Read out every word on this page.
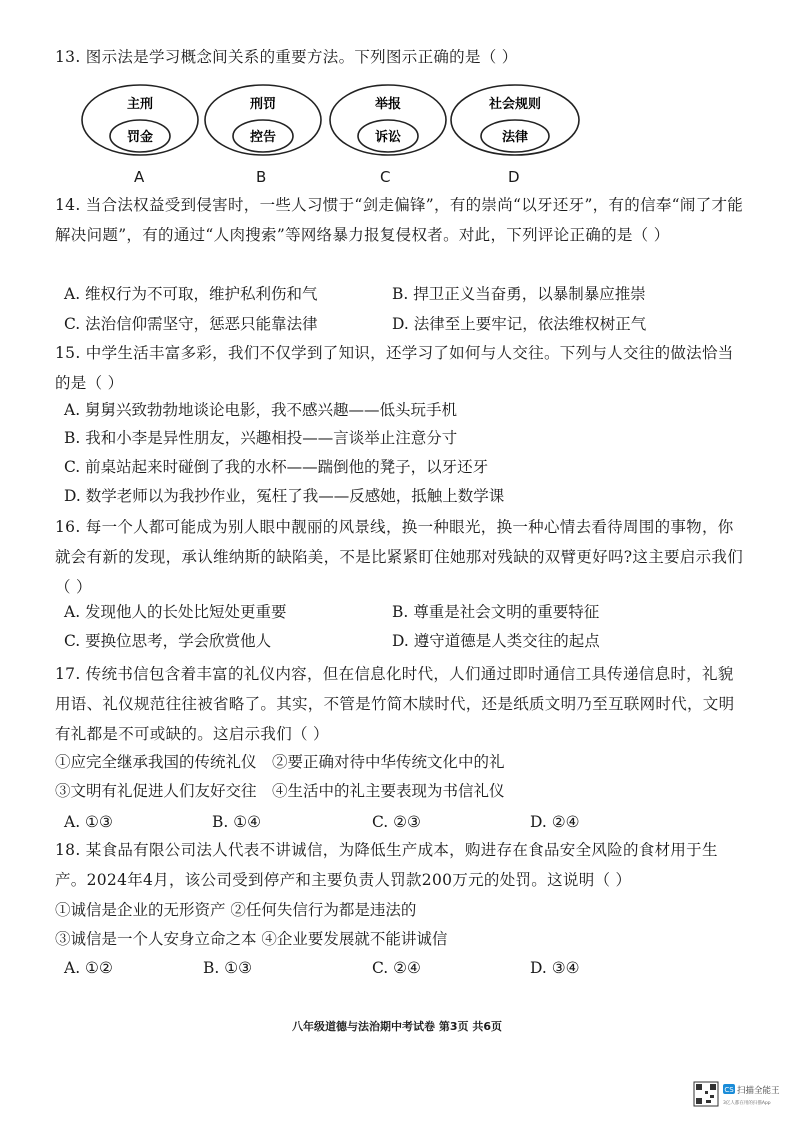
13. 图示法是学习概念间关系的重要方法。下列图示正确的是（ ）
主刑
罚金
刑罚
控告
举报
诉讼
社会规则
法律
A	B	C	D
14. 当合法权益受到侵害时，一些人习惯于“剑走偏锋”，有的崇尚“以牙还牙”，有的信奉“闹了才能解决问题”，有的通过“人肉搜索”等网络暴力报复侵权者。对此，下列评论正确的是（ ）
A. 维权行为不可取，维护私利伤和气	B. 捍卫正义当奋勇，以暴制暴应推崇
C. 法治信仰需坚守，惩恶只能靠法律	D. 法律至上要牢记，依法维权树正气
15. 中学生活丰富多彩，我们不仅学到了知识，还学习了如何与人交往。下列与人交往的做法恰当的是（ ）
A. 舅舅兴致勃勃地谈论电影，我不感兴趣——低头玩手机
B. 我和小李是异性朋友，兴趣相投——言谈举止注意分寸
C. 前桌站起来时碰倒了我的水杯——踹倒他的凳子，以牙还牙
D. 数学老师以为我抄作业，冤枉了我——反感她，抵触上数学课
16. 每一个人都可能成为别人眼中靓丽的风景线，换一种眼光，换一种心情去看待周围的事物，你就会有新的发现，承认维纳斯的缺陷美，不是比紧紧盯住她那对残缺的双臂更好吗?这主要启示我们（ ）
A. 发现他人的长处比短处更重要	B. 尊重是社会文明的重要特征
C. 要换位思考，学会欣赏他人	D. 遵守道德是人类交往的起点
17. 传统书信包含着丰富的礼仪内容，但在信息化时代，人们通过即时通信工具传递信息时，礼貌用语、礼仪规范往往被省略了。其实，不管是竹简木牍时代，还是纸质文明乃至互联网时代，文明有礼都是不可或缺的。这启示我们（ ）
①应完全继承我国的传统礼仪 ②要正确对待中华传统文化中的礼
③文明有礼促进人们友好交往 ④生活中的礼主要表现为书信礼仪
A. ①③	B. ①④	C. ②③	D. ②④
18. 某食品有限公司法人代表不讲诚信，为降低生产成本，购进存在食品安全风险的食材用于生产。2024年4月，该公司受到停产和主要负责人罚款200万元的处罚。这说明（ ）
①诚信是企业的无形资产 ②任何失信行为都是违法的
③诚信是一个人安身立命之本 ④企业要发展就不能讲诚信
A. ①②	B. ①③	C. ②④	D. ③④
八年级道德与法治期中考试卷 第3页 共6页
CS 扫描全能王
3亿人都在用的扫描App
